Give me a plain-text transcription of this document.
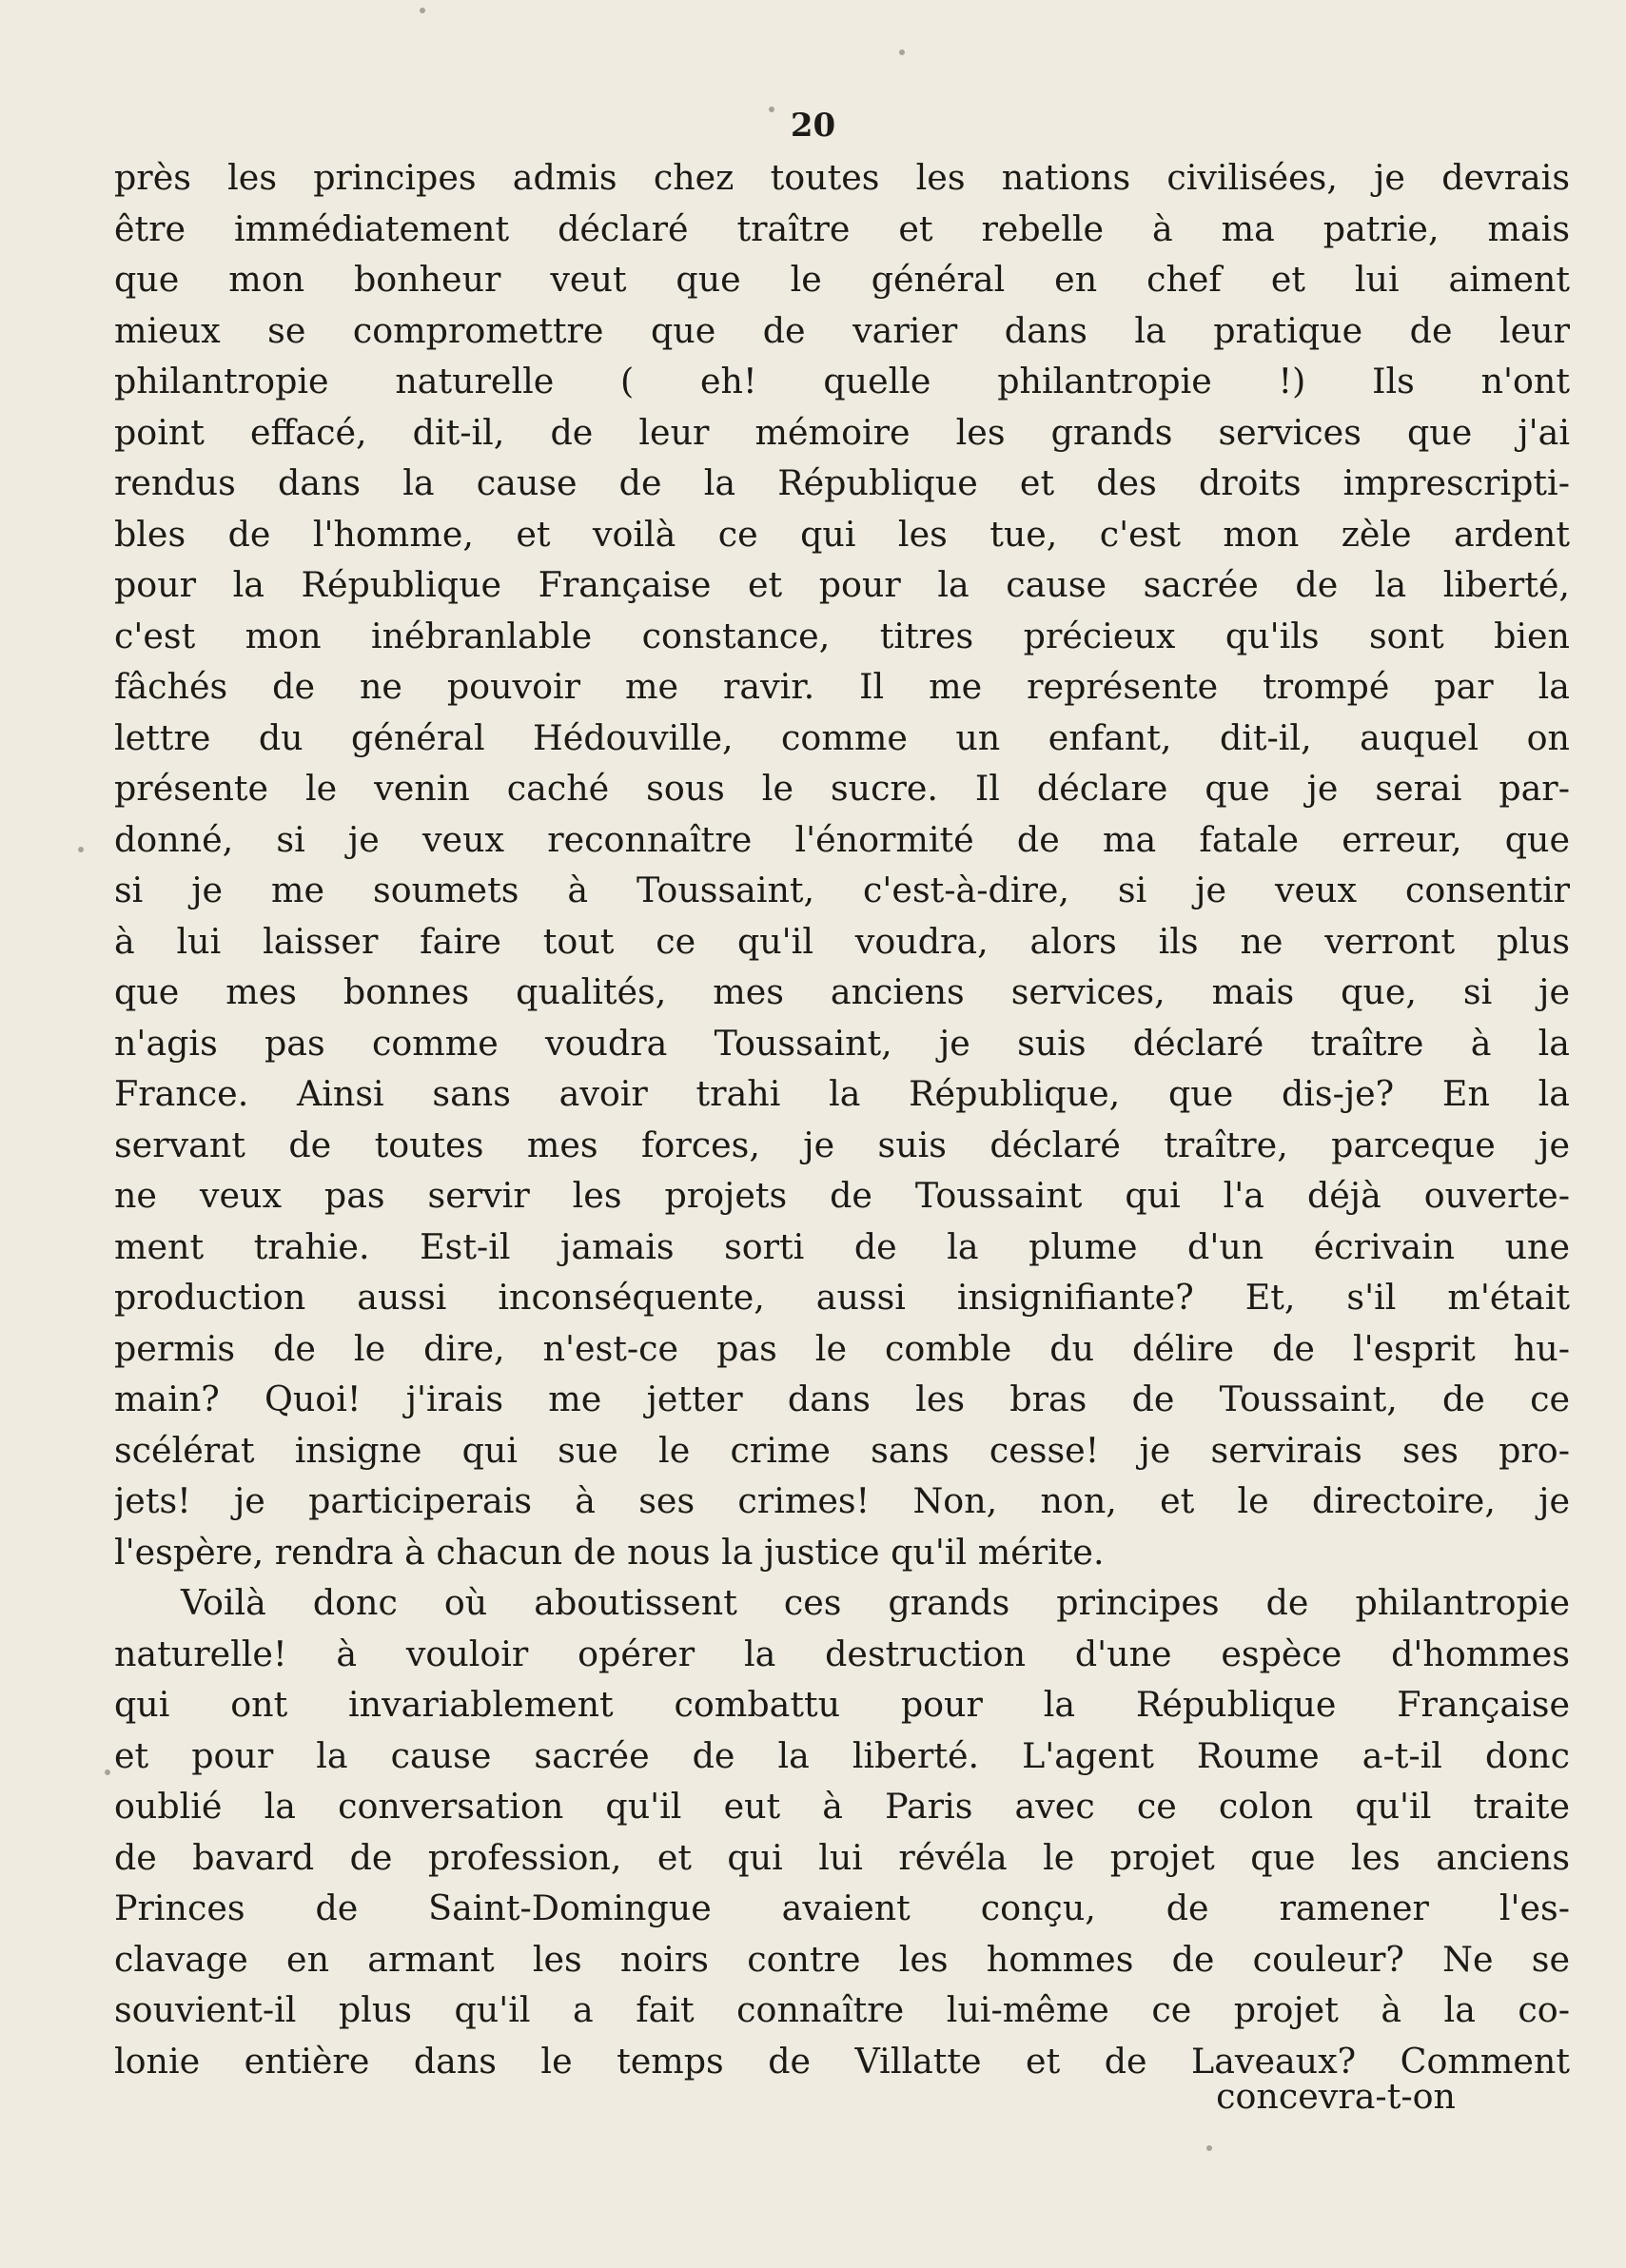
20
près les principes admis chez toutes les nations civilisées, je devrais
être immédiatement déclaré traître et rebelle à ma patrie, mais
que mon bonheur veut que le général en chef et lui aiment
mieux se compromettre que de varier dans la pratique de leur
philantropie naturelle ( eh! quelle philantropie !) Ils n'ont
point effacé, dit-il, de leur mémoire les grands services que j'ai
rendus dans la cause de la République et des droits imprescripti-
bles de l'homme, et voilà ce qui les tue, c'est mon zèle ardent
pour la République Française et pour la cause sacrée de la liberté,
c'est mon inébranlable constance, titres précieux qu'ils sont bien
fâchés de ne pouvoir me ravir. Il me représente trompé par la
lettre du général Hédouville, comme un enfant, dit-il, auquel on
présente le venin caché sous le sucre. Il déclare que je serai par-
donné, si je veux reconnaître l'énormité de ma fatale erreur, que
si je me soumets à Toussaint, c'est-à-dire, si je veux consentir
à lui laisser faire tout ce qu'il voudra, alors ils ne verront plus
que mes bonnes qualités, mes anciens services, mais que, si je
n'agis pas comme voudra Toussaint, je suis déclaré traître à la
France. Ainsi sans avoir trahi la République, que dis-je? En la
servant de toutes mes forces, je suis déclaré traître, parceque je
ne veux pas servir les projets de Toussaint qui l'a déjà ouverte-
ment trahie. Est-il jamais sorti de la plume d'un écrivain une
production aussi inconséquente, aussi insignifiante? Et, s'il m'était
permis de le dire, n'est-ce pas le comble du délire de l'esprit hu-
main? Quoi! j'irais me jetter dans les bras de Toussaint, de ce
scélérat insigne qui sue le crime sans cesse! je servirais ses pro-
jets! je participerais à ses crimes! Non, non, et le directoire, je
l'espère, rendra à chacun de nous la justice qu'il mérite.
Voilà donc où aboutissent ces grands principes de philantropie
naturelle! à vouloir opérer la destruction d'une espèce d'hommes
qui ont invariablement combattu pour la République Française
et pour la cause sacrée de la liberté. L'agent Roume a-t-il donc
oublié la conversation qu'il eut à Paris avec ce colon qu'il traite
de bavard de profession, et qui lui révéla le projet que les anciens
Princes de Saint-Domingue avaient conçu, de ramener l'es-
clavage en armant les noirs contre les hommes de couleur? Ne se
souvient-il plus qu'il a fait connaître lui-même ce projet à la co-
lonie entière dans le temps de Villatte et de Laveaux? Comment
concevra-t-on
